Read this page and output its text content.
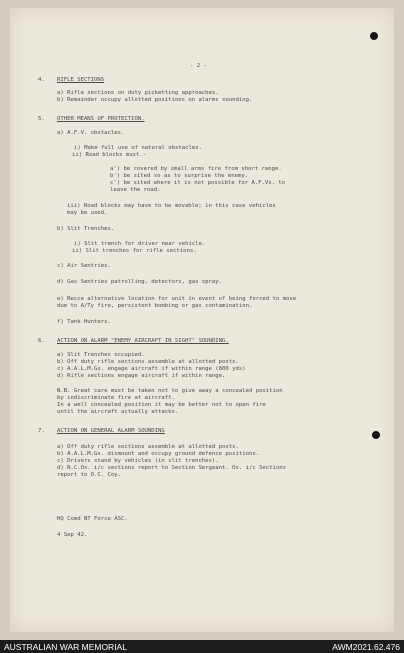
- 2 -
4. RIFLE SECTIONS
a) Rifle sections on duty picketting approaches.
b) Remainder occupy allotted positions on alarms sounding.
5. OTHER MEANS OF PROTECTION.
a) A.F.V. obstacles.
i) Make full use of natural obstacles.
ii) Road blocks must.-
a') be covered by small arms fire from short range.
b') be sited so as to surprise the enemy.
c') be sited where it is not possible for A.F.Vs. to
leave the road.
iii) Road blocks may have to be movable; in this case vehicles
may be used.
b) Slit Trenches.
i) Slit trench for driver near vehicle.
ii) Slit trenches for rifle sections.
c) Air Sentries.
d) Gas Sentries patrolling, detectors, gas spray.
e) Recce alternative location for unit in event of being forced to move
due to A/Ty fire, persistent bombing or gas contamination.
f) Tank Hunters.
6. ACTION ON ALARM "ENEMY AIRCRAFT IN SIGHT" SOUNDING.
a) Slit Trenches occupied.
b) Off duty rifle sections assemble at allotted posts.
c) A.A.L.M.Gs. engage aircraft if within range (800 yds)
d) Rifle sections engage aircraft if within range.
N.B. Great care must be taken not to give away a concealed position
by indiscriminate fire at aircraft.
In a well concealed position it may be better not to open fire
until the aircraft actually attacks.
7. ACTION ON GENERAL ALARM SOUNDING
a) Off duty rifle sections assemble at allotted posts.
b) A.A.L.M.Gs. dismount and occupy ground defence positions.
c) Drivers stand by vehicles (in slit trenches).
d) N.C.Os. i/c sections report to Section Sergeant. Os. i/c Sections
report to O.C. Coy.
HQ Comd NT Force ASC.
4 Sep 42.
AUSTRALIAN WAR MEMORIAL	AWM2021.62.476
